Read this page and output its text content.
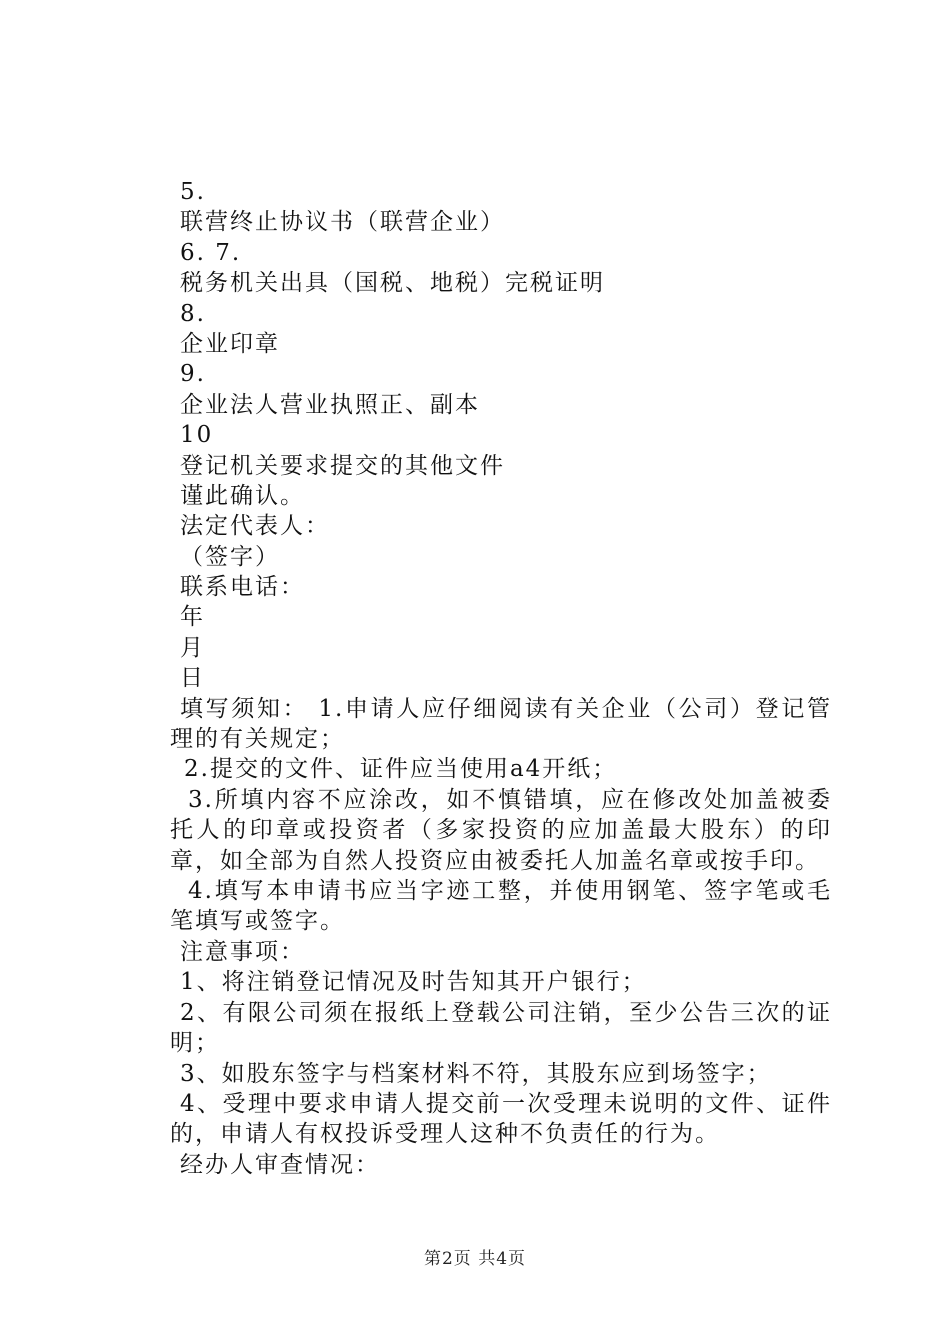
5.
联营终止协议书（联营企业）
6. 7.
税务机关出具（国税、地税）完税证明
8.
企业印章
9.
企业法人营业执照正、副本
10
登记机关要求提交的其他文件
谨此确认。
法定代表人：
（签字）
联系电话：
年
月
日
填写须知： 1.申请人应仔细阅读有关企业（公司）登记管理的有关规定；
2.提交的文件、证件应当使用a4开纸；
3.所填内容不应涂改，如不慎错填，应在修改处加盖被委托人的印章或投资者（多家投资的应加盖最大股东）的印章，如全部为自然人投资应由被委托人加盖名章或按手印。
4.填写本申请书应当字迹工整，并使用钢笔、签字笔或毛笔填写或签字。
注意事项：
1、将注销登记情况及时告知其开户银行；
2、有限公司须在报纸上登载公司注销，至少公告三次的证明；
3、如股东签字与档案材料不符，其股东应到场签字；
4、受理中要求申请人提交前一次受理未说明的文件、证件的，申请人有权投诉受理人这种不负责任的行为。
经办人审查情况：
第2页 共4页
